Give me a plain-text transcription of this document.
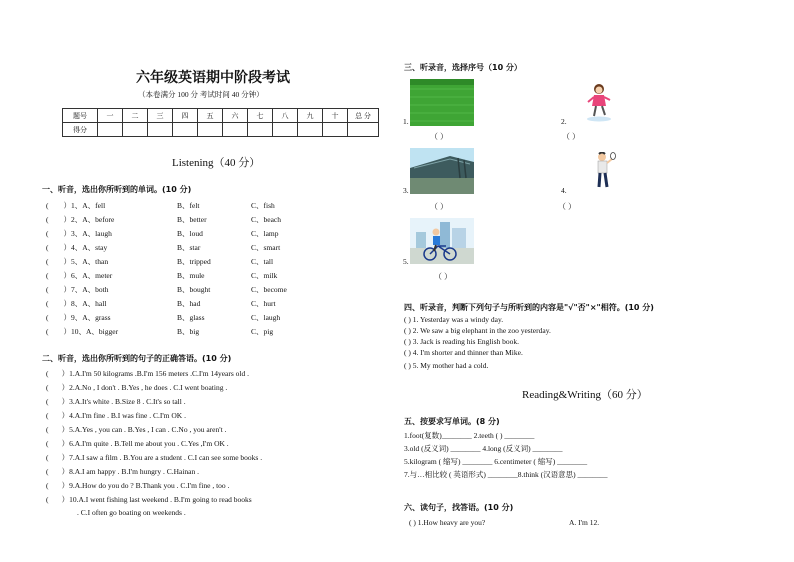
六年级英语期中阶段考试
（本卷满分 100 分 考试时间 40 分钟）
题号	一	二	三	四	五	六	七	八	九	十	总 分
得分											
Listening（40 分）
一、听音，选出你所听到的单词。(10 分)
(        ）1、A、fell	B、felt	C、fish
(        ）2、A、before	B、better	C、beach
(        ）3、A、laugh	B、loud	C、lamp
(        ）4、A、stay	B、star	C、smart
(        ）5、A、than	B、tripped	C、tall
(        ）6、A、meter	B、mule	C、milk
(        ）7、A、both	B、bought	C、become
(        ）8、A、hall	B、had	C、hurt
(        ）9、A、grass	B、glass	C、laugh
(        ）10、A、bigger	B、big	C、pig
二、听音，选出你所听到的句子的正确答语。(10 分)
(       ）1.A.I'm 50 kilograms .B.I'm 156 meters .C.I'm 14years old .
(       ）2.A.No , I don't . B.Yes , he does . C.I went boating .
(       ）3.A.It's white . B.Size 8 . C.It's so tall .
(       ）4.A.I'm fine . B.I was fine . C.I'm OK .
(       ）5.A.Yes , you can . B.Yes , I can . C.No , you aren't .
(       ）6.A.I'm quite . B.Tell me about you . C.Yes ,I'm OK .
(       ）7.A.I saw a film . B.You are a student . C.I can see some books .
(       ）8.A.I am happy . B.I'm hungry . C.Hainan .
(       ）9.A.How do you do ? B.Thank you . C.I'm fine , too .
(       ）10.A.I went fishing last weekend . B.I'm going to read books
. C.I often go boating on weekends .
三、听录音，选择序号（10 分）
1.
（ ）
2.
（ ）
3.
（ ）
4.
（ ）
5.
（ ）
四、听录音，判断下列句子与所听到的内容是"√"否"×"相符。(10 分)
( ) 1. Yesterday was a windy day.
( ) 2. We saw a big elephant in the zoo yesterday.
( ) 3. Jack is reading his English book.
( ) 4. I'm shorter and thinner than Mike.
( ) 5. My mother had a cold.
Reading&Writing（60 分）
五、按要求写单词。(8 分)
1.foot(复数)________ 2.teeth ( ) ________
3.old (反义词) ________ 4.long (反义词) ________
5.kilogram ( 缩写) ________ 6.centimeter ( 缩写) ________
7.与…相比较 ( 英语形式) ________8.think (汉语意思) ________
六、读句子，找答语。(10 分)
( ) 1.How heavy are you?	A. I'm 12.
